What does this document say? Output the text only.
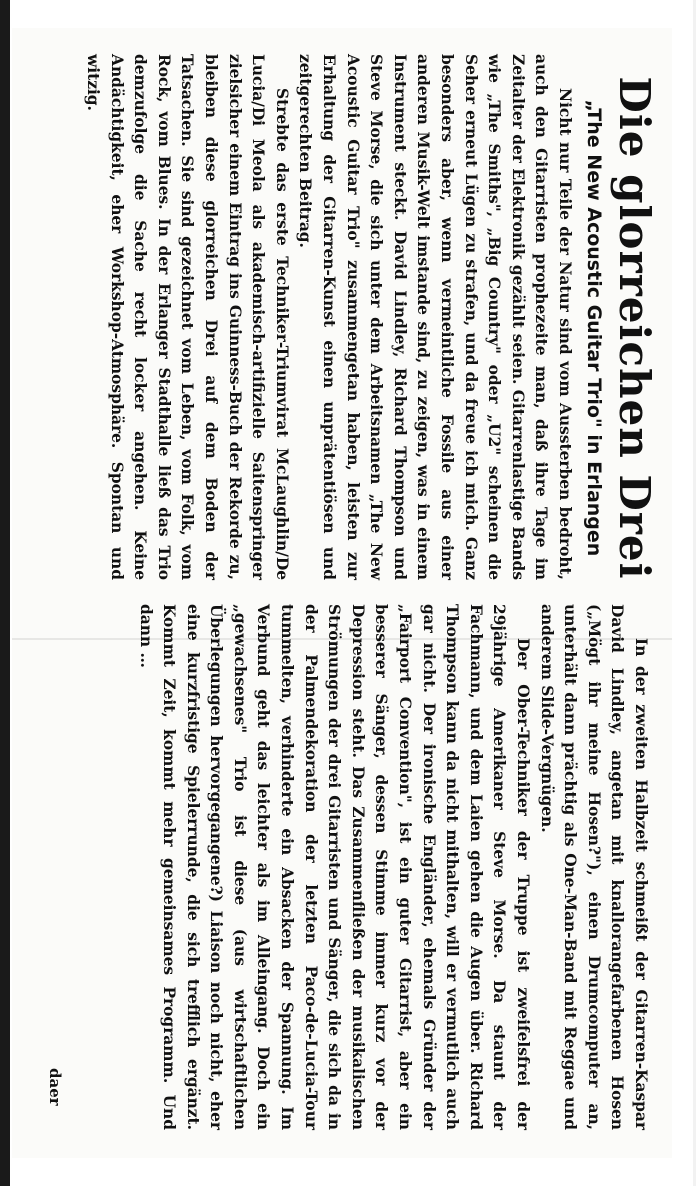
Die glorreichen Drei
„The New Acoustic Guitar Trio" in Erlangen

Nicht nur Teile der Natur sind vom Aussterben bedroht, auch den Gitarristen prophezeite man, daß ihre Tage im Zeitalter der Elektronik gezählt seien. Gitarrenlastige Bands wie „The Smiths", „Big Country" oder „U2" scheinen die Seher erneut Lügen zu strafen, und da freue ich mich. Ganz besonders aber, wenn vermeintliche Fossile aus einer anderen Musik-Welt imstande sind, zu zeigen, was in einem Instrument steckt. David Lindley, Richard Thompson und Steve Morse, die sich unter dem Arbeitsnamen „The New Acoustic Guitar Trio" zusammengetan haben, leisten zur Erhaltung der Gitarren-Kunst einen unprätentiösen und zeitgerechten Beitrag.

Strebte das erste Techniker-Triumvirat McLaughlin/De Lucia/Di Meola als akademisch-artifizielle Saitenspringer zielsicher einem Eintrag ins Guinness-Buch der Rekorde zu, bleiben diese glorreichen Drei auf dem Boden der Tatsachen. Sie sind gezeichnet vom Leben, vom Folk, vom Rock, vom Blues. In der Erlanger Stadthalle ließ das Trio demzufolge die Sache recht locker angehen. Keine Andächtigkeit, eher Workshop-Atmosphäre. Spontan und witzig.

In der zweiten Halbzeit schmeißt der Gitarren-Kaspar David Lindley, angetan mit knallorangefarbenen Hosen („Mögt ihr meine Hosen?"), einen Drumcomputer an, unterhält dann prächtig als One-Man-Band mit Reggae und anderem Slide-Vergnügen.

Der Ober-Techniker der Truppe ist zweifelsfrei der 29jährige Amerikaner Steve Morse. Da staunt der Fachmann, und dem Laien gehen die Augen über. Richard Thompson kann da nicht mithalten, will er vermutlich auch gar nicht. Der ironische Engländer, ehemals Gründer der „Fairport Convention", ist ein guter Gitarrist, aber ein besserer Sänger, dessen Stimme immer kurz vor der Depression steht. Das Zusammenfließen der musikalischen Strömungen der drei Gitarristen und Sänger, die sich da in der Palmendekoration der letzten Paco-de-Lucia-Tour tummelten, verhinderte ein Absacken der Spannung. Im Verbund geht das leichter als im Alleingang. Doch ein „gewachsenes" Trio ist diese (aus wirtschaftlichen Überlegungen hervorgegangene?) Liaison noch nicht, eher eine kurzfristige Spielerrunde, die sich trefflich ergänzt. Kommt Zeit, kommt mehr gemeinsames Programm. Und dann …

daer
